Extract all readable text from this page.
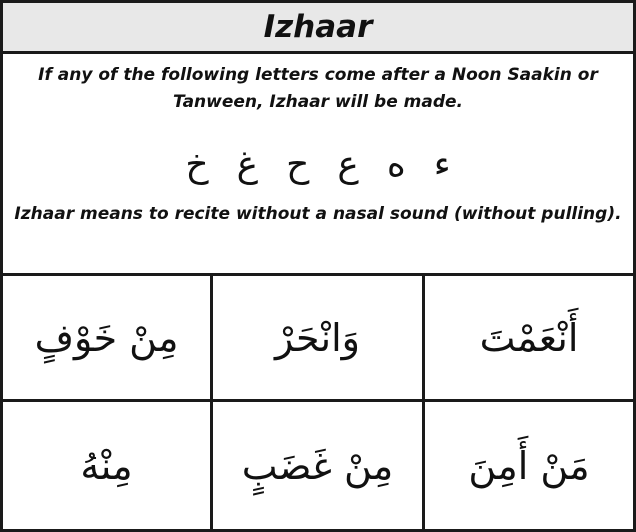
Izhaar
If any of the following letters come after a Noon Saakin or Tanween, Izhaar will be made.
ء
ه
ع
ح
غ
خ
Izhaar means to recite without a nasal sound (without pulling).
مِنْ خَوْفٍ	وَانْحَرْ	أَنْعَمْتَ
مِنْهُ	مِنْ غَضَبٍ	مَنْ أَمِنَ
